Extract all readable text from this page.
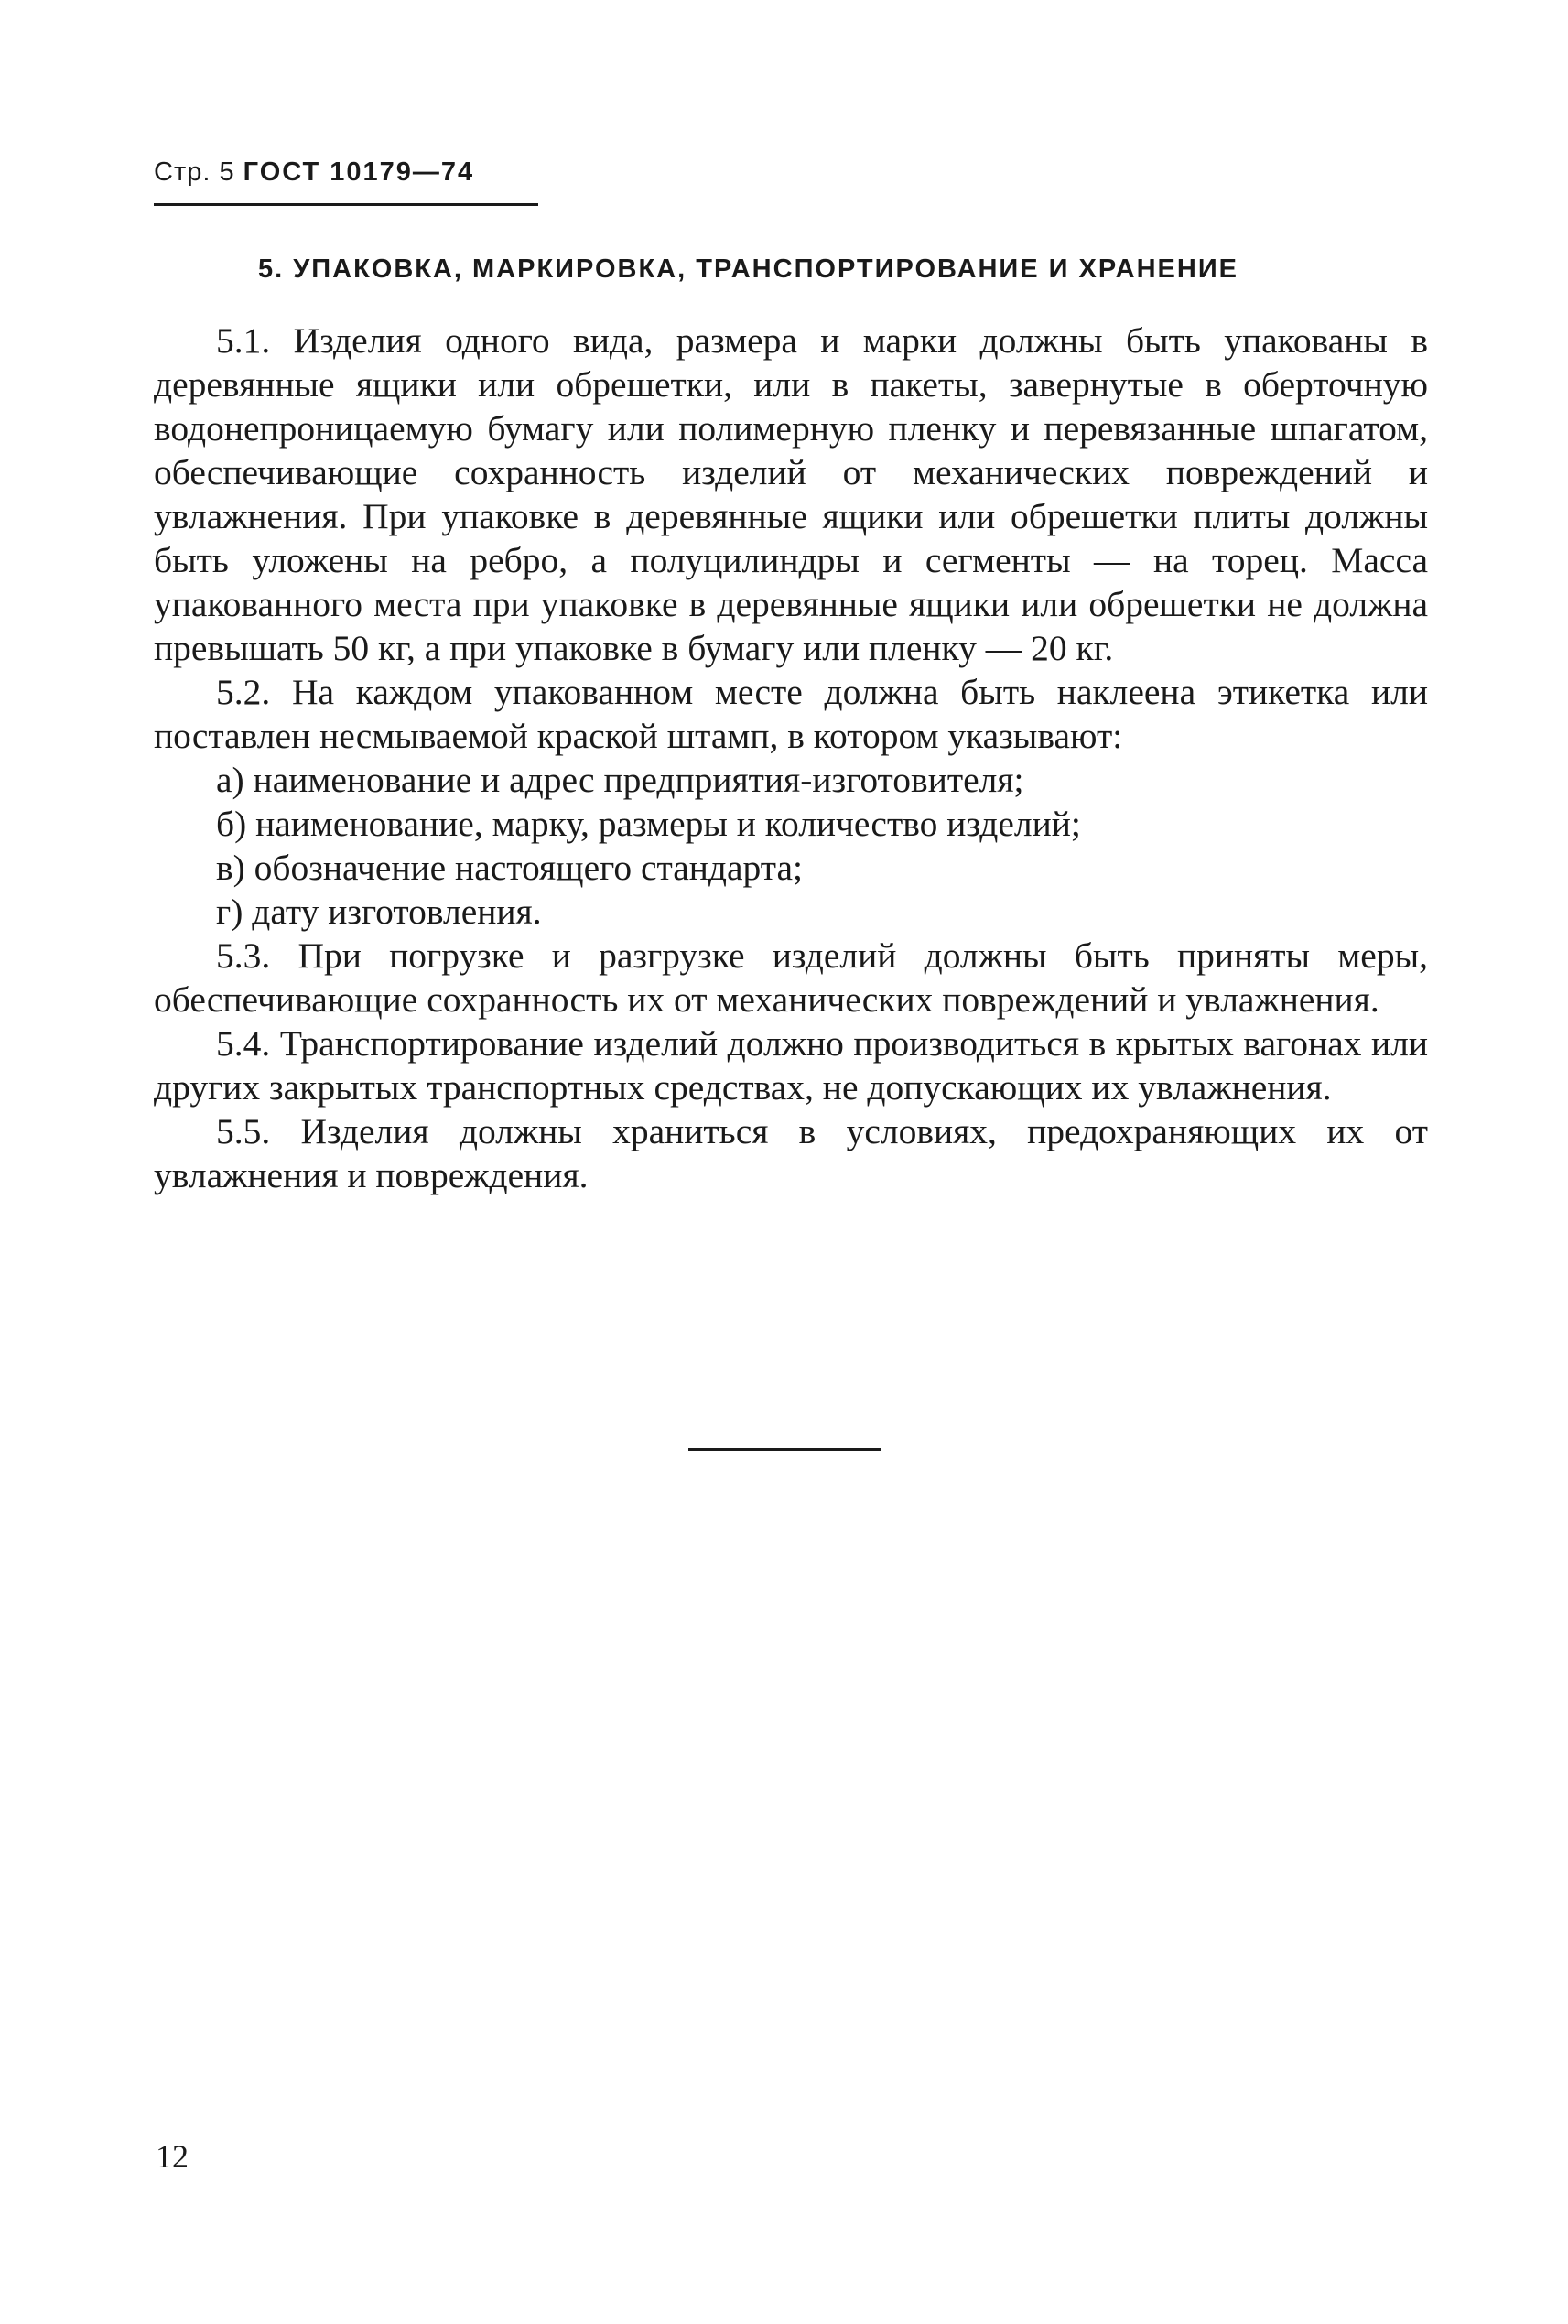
Стр. 5 ГОСТ 10179—74
5. УПАКОВКА, МАРКИРОВКА, ТРАНСПОРТИРОВАНИЕ И ХРАНЕНИЕ

5.1. Изделия одного вида, размера и марки должны быть упакованы в деревянные ящики или обрешетки, или в пакеты, завернутые в оберточную водонепроницаемую бумагу или полимерную пленку и перевязанные шпагатом, обеспечивающие сохранность изделий от механических повреждений и увлажнения. При упаковке в деревянные ящики или обрешетки плиты должны быть уложены на ребро, а полуцилиндры и сегменты — на торец. Масса упакованного места при упаковке в деревянные ящики или обрешетки не должна превышать 50 кг, а при упаковке в бумагу или пленку — 20 кг.

5.2. На каждом упакованном месте должна быть наклеена этикетка или поставлен несмываемой краской штамп, в котором указывают:

а) наименование и адрес предприятия-изготовителя;
б) наименование, марку, размеры и количество изделий;
в) обозначение настоящего стандарта;
г) дату изготовления.

5.3. При погрузке и разгрузке изделий должны быть приняты меры, обеспечивающие сохранность их от механических повреждений и увлажнения.

5.4. Транспортирование изделий должно производиться в крытых вагонах или других закрытых транспортных средствах, не допускающих их увлажнения.

5.5. Изделия должны храниться в условиях, предохраняющих их от увлажнения и повреждения.

12
